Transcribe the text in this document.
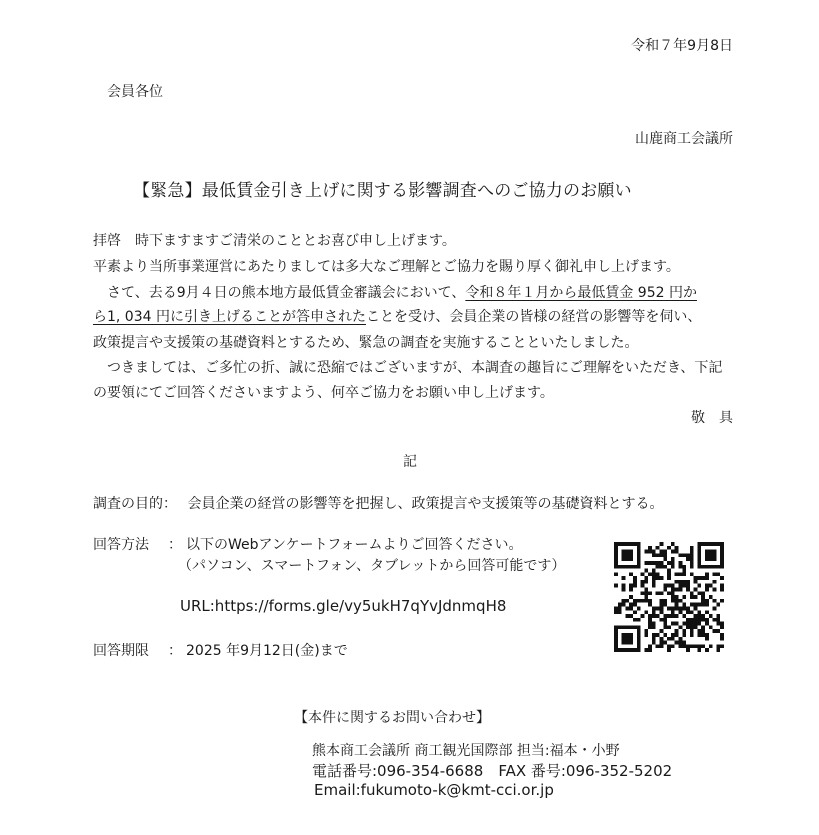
令和７年9月8日
会員各位
山鹿商工会議所
【緊急】最低賃金引き上げに関する影響調査へのご協力のお願い
拝啓　時下ますますご清栄のこととお喜び申し上げます。
平素より当所事業運営にあたりましては多大なご理解とご協力を賜り厚く御礼申し上げます。
　さて、去る9月４日の熊本地方最低賃金審議会において、令和８年１月から最低賃金 952 円か
ら1, 034 円に引き上げることが答申されたことを受け、会員企業の皆様の経営の影響等を伺い、
政策提言や支援策の基礎資料とするため、緊急の調査を実施することといたしました。
　つきましては、ご多忙の折、誠に恐縮ではございますが、本調査の趣旨にご理解をいただき、下記
の要領にてご回答くださいますよう、何卒ご協力をお願い申し上げます。
敬　具
記
調査の目的： 会員企業の経営の影響等を把握し、政策提言や支援策等の基礎資料とする。
回答方法 ： 以下のWebアンケートフォームよりご回答ください。
（パソコン、スマートフォン、タブレットから回答可能です）
URL:https://forms.gle/vy5ukH7qYvJdnmqH8
回答期限 ： 2025 年9月12日(金)まで
【本件に関するお問い合わせ】
熊本商工会議所 商工観光国際部 担当:福本・小野
電話番号:096-354-6688　FAX 番号:096-352-5202
Email:fukumoto-k@kmt-cci.or.jp
